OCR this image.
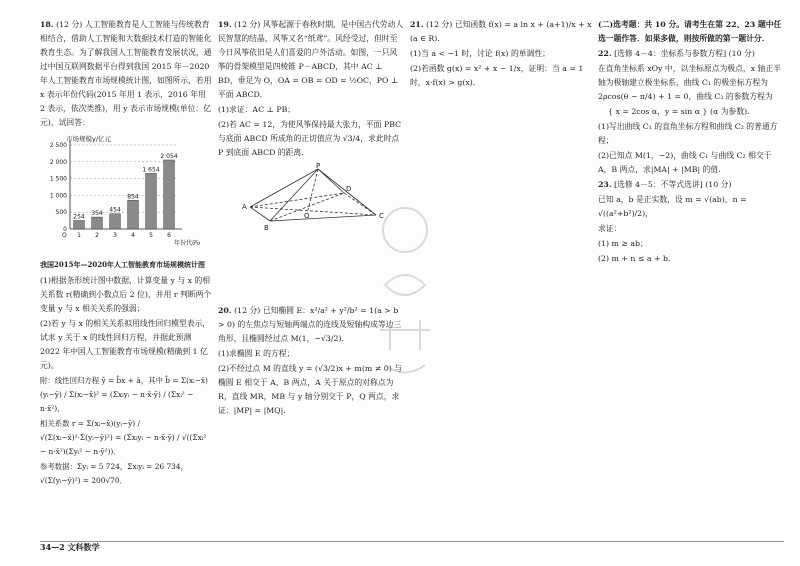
18. (12 分) 人工智能教育是人工智能与传统教育相结合，借助人工智能和大数据技术打造的智能化教育生态。为了解我国人工智能教育发展状况，通过中国互联网数据平台得到我国 2015 年－2020 年人工智能教育市场规模统计图，如图所示，若用 x 表示年份代码(2015 年用 1 表示，2016 年用 2 表示，依次类推)，用 y 表示市场规模(单位：亿元)，试回答：

市场规模y/亿元
0
500
1 000
1 500
2 000
2 500
254
1
354
2
454
3
854
4
1 654
5
2 054
6
年份代码x
O

我国2015年—2020年人工智能教育市场规模统计图

(1)根据条形统计图中数据，计算变量 y 与 x 的相关系数 r(精确到小数点后 2 位)，并用 r 判断两个变量 y 与 x 相关关系的强弱；

(2)若 y 与 x 的相关关系拟用线性回归模型表示，试求 y 关于 x 的线性回归方程，并据此预测 2022 年中国人工智能教育市场规模(精确到 1 亿元)。

附：线性回归方程 ŷ = b̂x + â，其中 b̂ = Σ(xᵢ−x̄)(yᵢ−ȳ) / Σ(xᵢ−x̄)² = (Σxᵢyᵢ − n·x̄·ȳ) / (Σxᵢ² − n·x̄²)，

相关系数 r = Σ(xᵢ−x̄)(yᵢ−ȳ) / √(Σ(xᵢ−x̄)²·Σ(yᵢ−ȳ)²) = (Σxᵢyᵢ − n·x̄·ȳ) / √((Σxᵢ² − n·x̄²)(Σyᵢ² − n·ȳ²))．

参考数据：Σyᵢ = 5 724，Σxᵢyᵢ = 26 734，√(Σ(yᵢ−ȳ)²) = 200√70．

19. (12 分) 风筝起源于春秋时期，是中国古代劳动人民智慧的结晶，风筝又名“纸鸢”。风经受过，但时至今日风筝依旧是人们喜爱的户外活动。如图，一只风筝的骨架模型是四棱锥 P－ABCD，其中 AC ⊥ BD，垂足为 O，OA = OB = OD = ½OC，PO ⊥ 平面 ABCD．

(1)求证：AC ⊥ PB；

(2)若 AC = 12，为使风筝保持最大张力，平面 PBC 与底面 ABCD 所成角的正切值应为 √3/4，求此时点 P 到底面 ABCD 的距离．

P
A
B
C
D
O

20. (12 分) 已知椭圆 E：x²/a² + y²/b² = 1(a > b > 0) 的左焦点与短轴两端点的连线及短轴构成等边三角形，且椭圆经过点 M(1，−√3/2)．

(1)求椭圆 E 的方程；

(2)不经过点 M 的直线 y = (√3/2)x + m(m ≠ 0) 与椭圆 E 相交于 A，B 两点，A 关于原点的对称点为 R，直线 MR，MB 与 y 轴分别交于 P，Q 两点，求证：|MP| = |MQ|．

21. (12 分) 已知函数 f(x) = a ln x + (a+1)/x + x (a ∈ R)．

(1)当 a < −1 时，讨论 f(x) 的单调性；

(2)若函数 g(x) = x² + x − 1/x，证明：当 a = 1 时，x·f(x) > g(x)．

(二)选考题：共 10 分。请考生在第 22、23 题中任选一题作答．如果多做，则按所做的第一题计分．

22. [选修 4－4：坐标系与参数方程] (10 分)

在直角坐标系 xOy 中，以坐标原点为极点，x 轴正半轴为极轴建立极坐标系，曲线 C₁ 的极坐标方程为 2ρcos(θ − π/4) + 1 = 0，曲线 C₂ 的参数方程为

{ x = 2cos α，y = sin α } (α 为参数)．

(1)写出曲线 C₁ 的直角坐标方程和曲线 C₂ 的普通方程；

(2)已知点 M(1，−2)，曲线 C₁ 与曲线 C₂ 相交于 A，B 两点，求|MA| + |MB| 的值．

23. [选修 4－5：不等式选讲] (10 分)

已知 a，b 是正实数，设 m = √(ab)，n = √((a²+b²)/2)，

求证：

(1) m ≥ ab；

(2) m + n ≤ a + b．

34—2 文科数学
